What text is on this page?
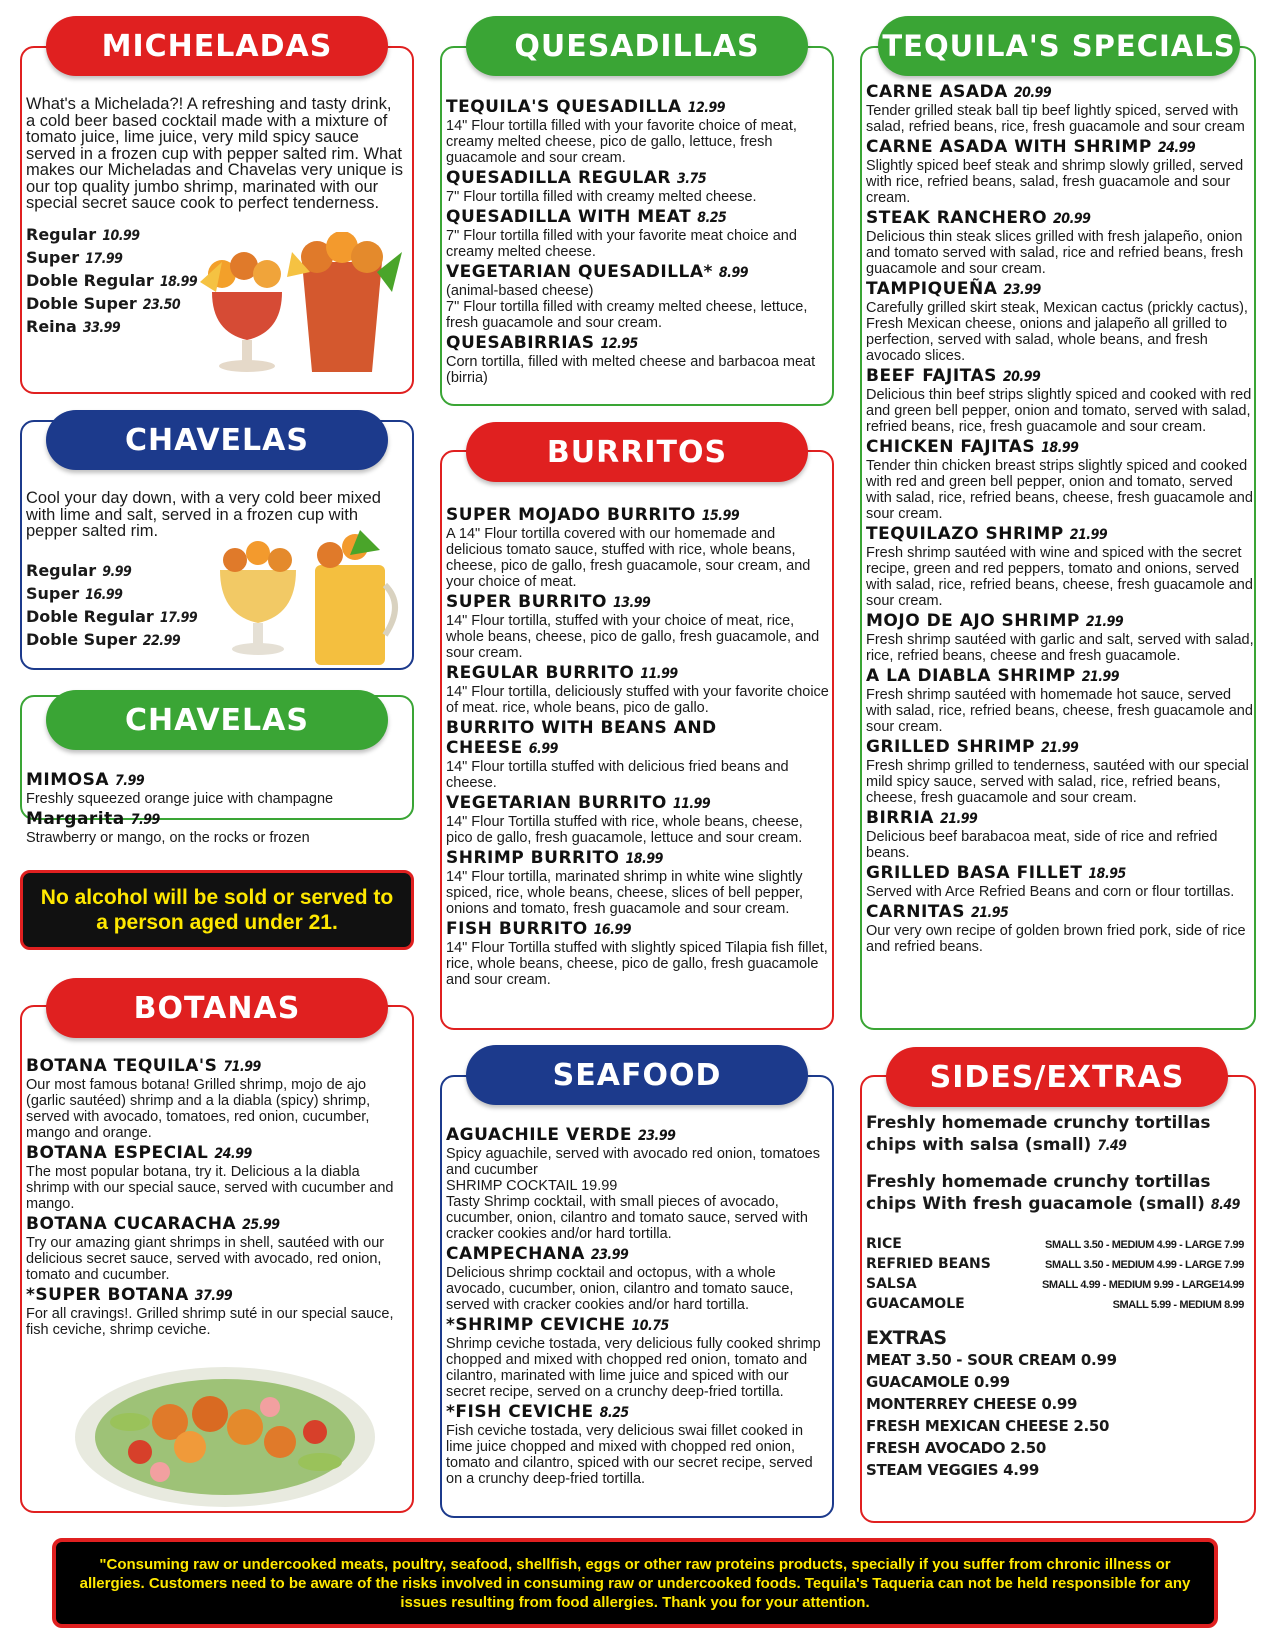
MICHELADAS
What's a Michelada?! A refreshing and tasty drink, a cold beer based cocktail made with a mixture of tomato juice, lime juice, very mild spicy sauce served in a frozen cup with pepper salted rim. What makes our Micheladas and Chavelas very unique is our top quality jumbo shrimp, marinated with our special secret sauce cook to perfect tenderness.
Regular 10.99
Super 17.99
Doble Regular 18.99
Doble Super 23.50
Reina 33.99
CHAVELAS
Cool your day down, with a very cold beer mixed with lime and salt, served in a frozen cup with pepper salted rim.
Regular 9.99
Super 16.99
Doble Regular 17.99
Doble Super 22.99
CHAVELAS
MIMOSA 7.99
Freshly squeezed orange juice with champagne
Margarita 7.99
Strawberry or mango, on the rocks or frozen
No alcohol will be sold or served to a person aged under 21.
BOTANAS
BOTANA TEQUILA'S 71.99
Our most famous botana! Grilled shrimp, mojo de ajo (garlic sautéed) shrimp and a la diabla (spicy) shrimp, served with avocado, tomatoes, red onion, cucumber, mango and orange.
BOTANA ESPECIAL 24.99
The most popular botana, try it. Delicious a la diabla shrimp with our special sauce, served with cucumber and mango.
BOTANA CUCARACHA 25.99
Try our amazing giant shrimps in shell, sautéed with our delicious secret sauce, served with avocado, red onion, tomato and cucumber.
*SUPER BOTANA 37.99
For all cravings!. Grilled shrimp suté in our special sauce, fish ceviche, shrimp ceviche.
QUESADILLAS
TEQUILA'S QUESADILLA 12.99
14" Flour tortilla filled with your favorite choice of meat, creamy melted cheese, pico de gallo, lettuce, fresh guacamole and sour cream.
QUESADILLA REGULAR 3.75
7" Flour tortilla filled with creamy melted cheese.
QUESADILLA WITH MEAT 8.25
7" Flour tortilla filled with your favorite meat choice and creamy melted cheese.
VEGETARIAN QUESADILLA* 8.99
(animal-based cheese)
7" Flour tortilla filled with creamy melted cheese, lettuce, fresh guacamole and sour cream.
QUESABIRRIAS 12.95
Corn tortilla, filled with melted cheese and barbacoa meat (birria)
BURRITOS
SUPER MOJADO BURRITO 15.99
A 14" Flour tortilla covered with our homemade and delicious tomato sauce, stuffed with rice, whole beans, cheese, pico de gallo, fresh guacamole, sour cream, and your choice of meat.
SUPER BURRITO 13.99
14" Flour tortilla, stuffed with your choice of meat, rice, whole beans, cheese, pico de gallo, fresh guacamole, and sour cream.
REGULAR BURRITO 11.99
14" Flour tortilla, deliciously stuffed with your favorite choice of meat. rice, whole beans, pico de gallo.
BURRITO WITH BEANS AND CHEESE 6.99
14" Flour tortilla stuffed with delicious fried beans and cheese.
VEGETARIAN BURRITO 11.99
14" Flour Tortilla stuffed with rice, whole beans, cheese, pico de gallo, fresh guacamole, lettuce and sour cream.
SHRIMP BURRITO 18.99
14" Flour tortilla, marinated shrimp in white wine slightly spiced, rice, whole beans, cheese, slices of bell pepper, onions and tomato, fresh guacamole and sour cream.
FISH BURRITO 16.99
14" Flour Tortilla stuffed with slightly spiced Tilapia fish fillet, rice, whole beans, cheese, pico de gallo, fresh guacamole and sour cream.
SEAFOOD
AGUACHILE VERDE 23.99
Spicy aguachile, served with avocado red onion, tomatoes and cucumber
SHRIMP COCKTAIL 19.99
Tasty Shrimp cocktail, with small pieces of avocado, cucumber, onion, cilantro and tomato sauce, served with cracker cookies and/or hard tortilla.
CAMPECHANA 23.99
Delicious shrimp cocktail and octopus, with a whole avocado, cucumber, onion, cilantro and tomato sauce, served with cracker cookies and/or hard tortilla.
*SHRIMP CEVICHE 10.75
Shrimp ceviche tostada, very delicious fully cooked shrimp chopped and mixed with chopped red onion, tomato and cilantro, marinated with lime juice and spiced with our secret recipe, served on a crunchy deep-fried tortilla.
*FISH CEVICHE 8.25
Fish ceviche tostada, very delicious swai fillet cooked in lime juice chopped and mixed with chopped red onion, tomato and cilantro, spiced with our secret recipe, served on a crunchy deep-fried tortilla.
TEQUILA'S SPECIALS
CARNE ASADA 20.99
Tender grilled steak ball tip beef lightly spiced, served with salad, refried beans, rice, fresh guacamole and sour cream
CARNE ASADA WITH SHRIMP 24.99
Slightly spiced beef steak and shrimp slowly grilled, served with rice, refried beans, salad, fresh guacamole and sour cream.
STEAK RANCHERO 20.99
Delicious thin steak slices grilled with fresh jalapeño, onion and tomato served with salad, rice and refried beans, fresh guacamole and sour cream.
TAMPIQUEÑA 23.99
Carefully grilled skirt steak, Mexican cactus (prickly cactus), Fresh Mexican cheese, onions and jalapeño all grilled to perfection, served with salad, whole beans, and fresh avocado slices.
BEEF FAJITAS 20.99
Delicious thin beef strips slightly spiced and cooked with red and green bell pepper, onion and tomato, served with salad, refried beans, rice, fresh guacamole and sour cream.
CHICKEN FAJITAS 18.99
Tender thin chicken breast strips slightly spiced and cooked with red and green bell pepper, onion and tomato, served with salad, rice, refried beans, cheese, fresh guacamole and sour cream.
TEQUILAZO SHRIMP 21.99
Fresh shrimp sautéed with wine and spiced with the secret recipe, green and red peppers, tomato and onions, served with salad, rice, refried beans, cheese, fresh guacamole and sour cream.
MOJO DE AJO SHRIMP 21.99
Fresh shrimp sautéed with garlic and salt, served with salad, rice, refried beans, cheese and fresh guacamole.
A LA DIABLA SHRIMP 21.99
Fresh shrimp sautéed with homemade hot sauce, served with salad, rice, refried beans, cheese, fresh guacamole and sour cream.
GRILLED SHRIMP 21.99
Fresh shrimp grilled to tenderness, sautéed with our special mild spicy sauce, served with salad, rice, refried beans, cheese, fresh guacamole and sour cream.
BIRRIA 21.99
Delicious beef barabacoa meat, side of rice and refried beans.
GRILLED BASA FILLET 18.95
Served with Arce Refried Beans and corn or flour tortillas.
CARNITAS 21.95
Our very own recipe of golden brown fried pork, side of rice and refried beans.
SIDES/EXTRAS
Freshly homemade crunchy tortillas chips with salsa (small) 7.49
Freshly homemade crunchy tortillas chips With fresh guacamole (small) 8.49
RICE	SMALL 3.50 - MEDIUM 4.99 - LARGE 7.99
REFRIED BEANS	SMALL 3.50 - MEDIUM 4.99 - LARGE 7.99
SALSA	SMALL 4.99 - MEDIUM 9.99 - LARGE14.99
GUACAMOLE	SMALL 5.99 - MEDIUM 8.99
EXTRAS
MEAT 3.50 - SOUR CREAM 0.99
GUACAMOLE 0.99
MONTERREY CHEESE 0.99
FRESH MEXICAN CHEESE 2.50
FRESH AVOCADO 2.50
STEAM VEGGIES 4.99
"Consuming raw or undercooked meats, poultry, seafood, shellfish, eggs or other raw proteins products, specially if you suffer from chronic illness or allergies. Customers need to be aware of the risks involved in consuming raw or undercooked foods. Tequila's Taqueria can not be held responsible for any issues resulting from food allergies. Thank you for your attention.
